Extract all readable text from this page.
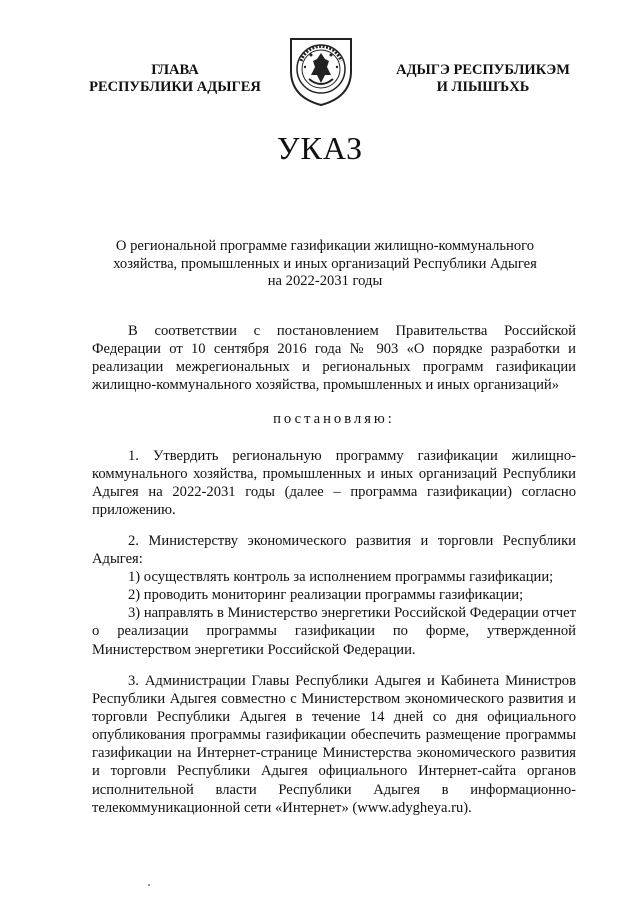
ГЛАВА
РЕСПУБЛИКИ АДЫГЕЯ
АДЫГЭ РЕСПУБЛИКЭМ
И ЛІЫШЪХЬ
УКАЗ
О региональной программе газификации жилищно-коммунального
хозяйства, промышленных и иных организаций Республики Адыгея
на 2022-2031 годы

В соответствии с постановлением Правительства Российской Федерации от 10 сентября 2016 года № 903 «О порядке разработки и реализации межрегиональных и региональных программ газификации жилищно-коммунального хозяйства, промышленных и иных организаций»

постановляю:

1. Утвердить региональную программу газификации жилищно-коммунального хозяйства, промышленных и иных организаций Республики Адыгея на 2022-2031 годы (далее – программа газификации) согласно приложению.

2. Министерству экономического развития и торговли Республики Адыгея:

1) осуществлять контроль за исполнением программы газификации;

2) проводить мониторинг реализации программы газификации;

3) направлять в Министерство энергетики Российской Федерации отчет о реализации программы газификации по форме, утвержденной Министерством энергетики Российской Федерации.

3. Администрации Главы Республики Адыгея и Кабинета Министров Республики Адыгея совместно с Министерством экономического развития и торговли Республики Адыгея в течение 14 дней со дня официального опубликования программы газификации обеспечить размещение программы газификации на Интернет-странице Министерства экономического развития и торговли Республики Адыгея официального Интернет-сайта органов исполнительной власти Республики Адыгея в информационно-телекоммуникационной сети «Интернет» (www.adygheya.ru).
